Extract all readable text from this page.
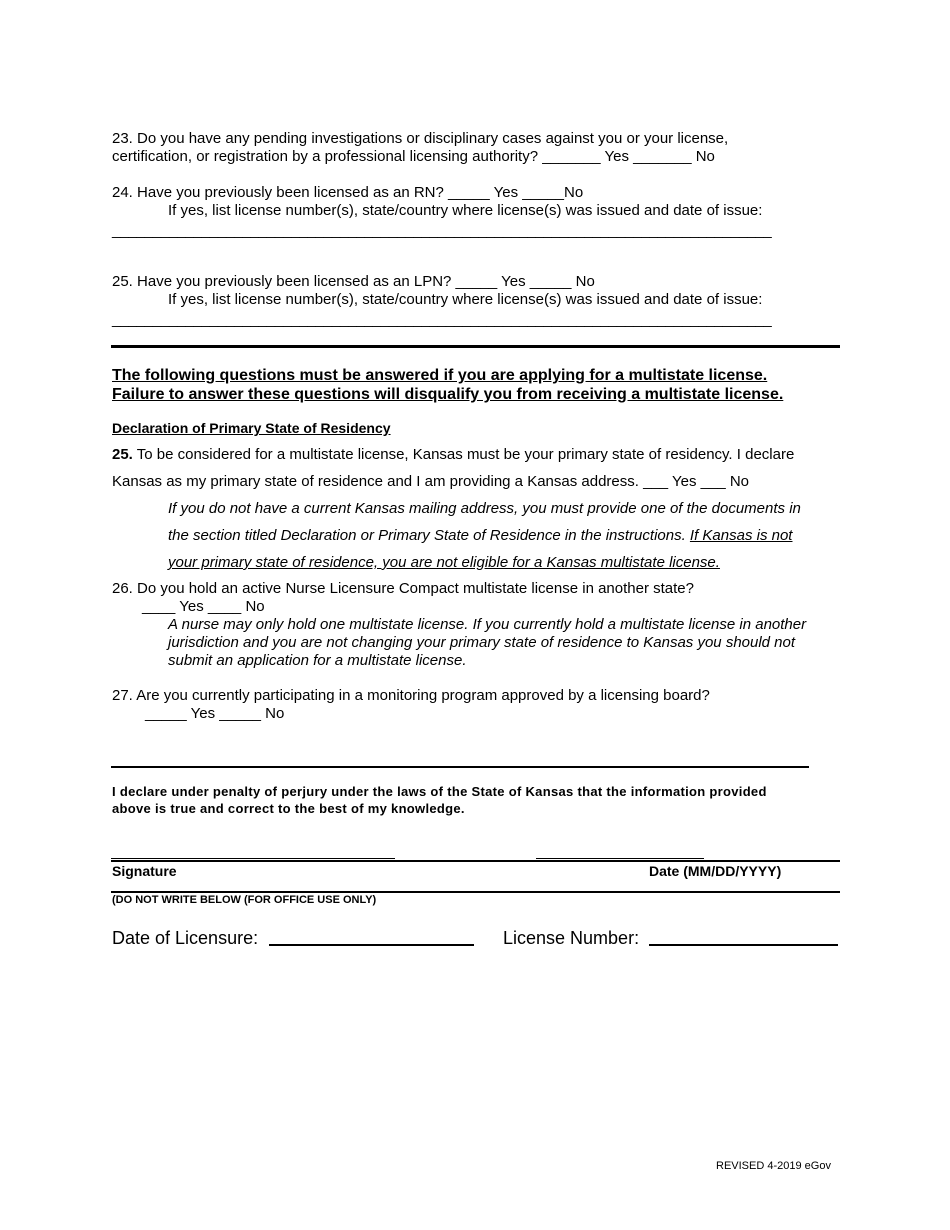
23. Do you have any pending investigations or disciplinary cases against you or your license,
certification, or registration by a professional licensing authority? _______ Yes _______ No
24. Have you previously been licensed as an RN? _____ Yes _____No
If yes, list license number(s), state/country where license(s) was issued and date of issue:
_________________________________________________________________________________
25. Have you previously been licensed as an LPN? _____ Yes _____ No
If yes, list license number(s), state/country where license(s) was issued and date of issue:
_________________________________________________________________________________
The following questions must be answered if you are applying for a multistate license.
Failure to answer these questions will disqualify you from receiving a multistate license.
Declaration of Primary State of Residency
25. To be considered for a multistate license, Kansas must be your primary state of residency. I declare
Kansas as my primary state of residence and I am providing a Kansas address. ___ Yes ___ No
If you do not have a current Kansas mailing address, you must provide one of the documents in
the section titled Declaration or Primary State of Residence in the instructions. If Kansas is not
your primary state of residence, you are not eligible for a Kansas multistate license.
26. Do you hold an active Nurse Licensure Compact multistate license in another state?
____ Yes ____ No
A nurse may only hold one multistate license. If you currently hold a multistate license in another
jurisdiction and you are not changing your primary state of residence to Kansas you should not
submit an application for a multistate license.
27. Are you currently participating in a monitoring program approved by a licensing board?
_____ Yes _____ No
I declare under penalty of perjury under the laws of the State of Kansas that the information provided
above is true and correct to the best of my knowledge.
Signature	Date (MM/DD/YYYY)
(DO NOT WRITE BELOW (FOR OFFICE USE ONLY)
Date of Licensure:	License Number:
REVISED 4-2019 eGov
